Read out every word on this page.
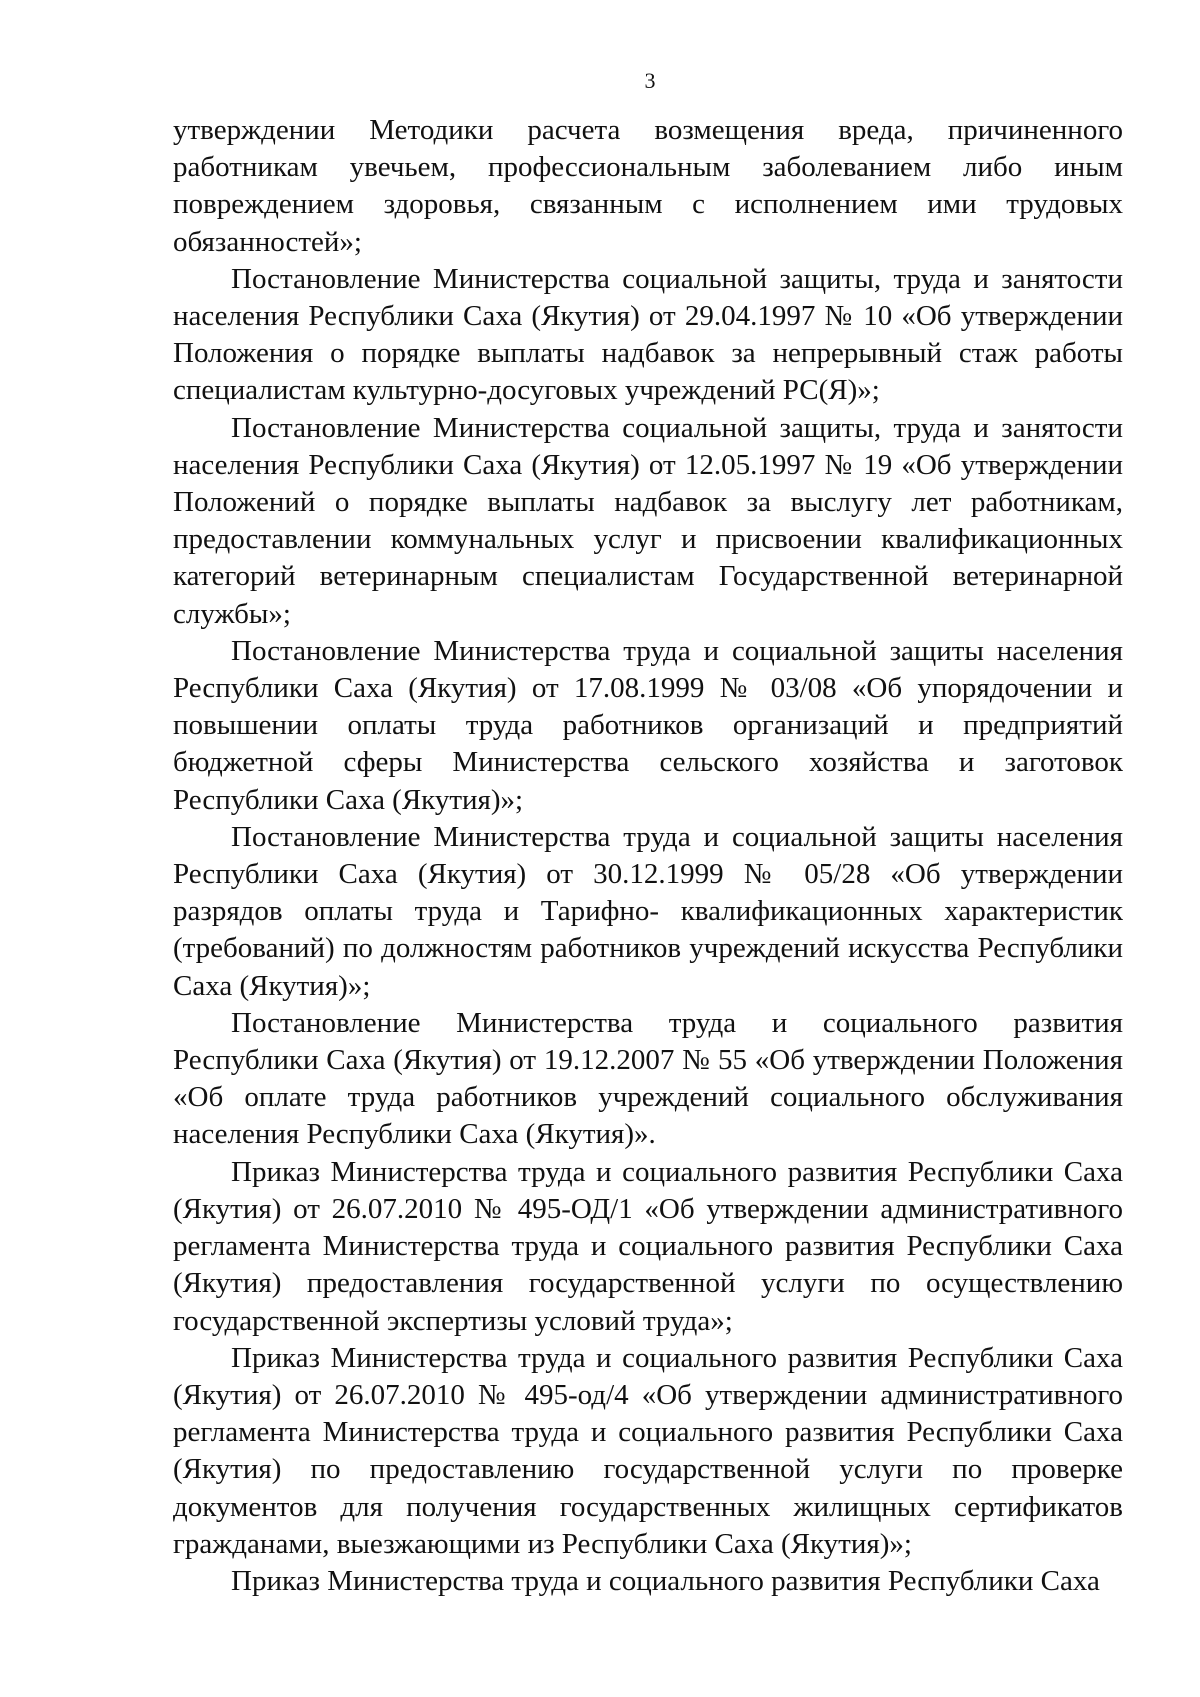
3

утверждении Методики расчета возмещения вреда, причиненного работникам увечьем, профессиональным заболеванием либо иным повреждением здоровья, связанным с исполнением ими трудовых обязанностей»;

Постановление Министерства социальной защиты, труда и занятости населения Республики Саха (Якутия) от 29.04.1997 № 10 «Об утверждении Положения о порядке выплаты надбавок за непрерывный стаж работы специалистам культурно-досуговых учреждений РС(Я)»;

Постановление Министерства социальной защиты, труда и занятости населения Республики Саха (Якутия) от 12.05.1997 № 19 «Об утверждении Положений о порядке выплаты надбавок за выслугу лет работникам, предоставлении коммунальных услуг и присвоении квалификационных категорий ветеринарным специалистам Государственной ветеринарной службы»;

Постановление Министерства труда и социальной защиты населения Республики Саха (Якутия) от 17.08.1999 № 03/08 «Об упорядочении и повышении оплаты труда работников организаций и предприятий бюджетной сферы Министерства сельского хозяйства и заготовок Республики Саха (Якутия)»;

Постановление Министерства труда и социальной защиты населения Республики Саха (Якутия) от 30.12.1999 № 05/28 «Об утверждении разрядов оплаты труда и Тарифно- квалификационных характеристик (требований) по должностям работников учреждений искусства Республики Саха (Якутия)»;

Постановление Министерства труда и социального развития Республики Саха (Якутия) от 19.12.2007 № 55 «Об утверждении Положения «Об оплате труда работников учреждений социального обслуживания населения Республики Саха (Якутия)».

Приказ Министерства труда и социального развития Республики Саха (Якутия) от 26.07.2010 № 495-ОД/1 «Об утверждении административного регламента Министерства труда и социального развития Республики Саха (Якутия) предоставления государственной услуги по осуществлению государственной экспертизы условий труда»;

Приказ Министерства труда и социального развития Республики Саха (Якутия) от 26.07.2010 № 495-од/4 «Об утверждении административного регламента Министерства труда и социального развития Республики Саха (Якутия) по предоставлению государственной услуги по проверке документов для получения государственных жилищных сертификатов гражданами, выезжающими из Республики Саха (Якутия)»;

Приказ Министерства труда и социального развития Республики Саха
